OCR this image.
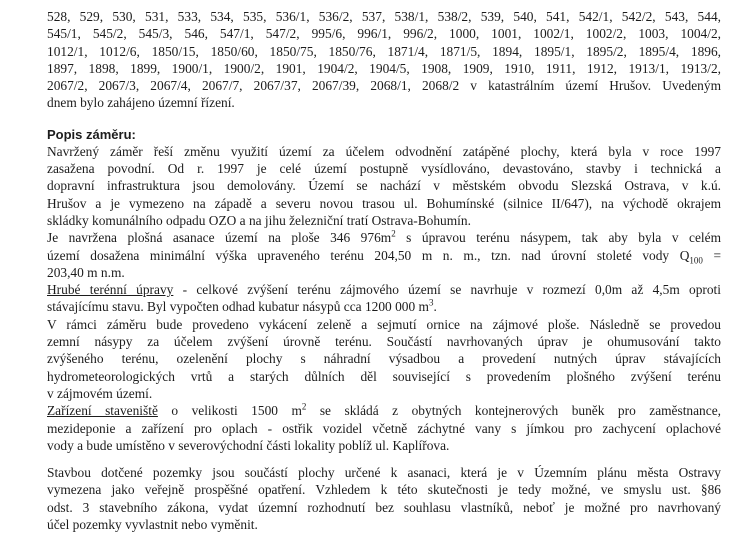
528, 529, 530, 531, 533, 534, 535, 536/1, 536/2, 537, 538/1, 538/2, 539, 540, 541, 542/1, 542/2, 543, 544,
545/1, 545/2, 545/3, 546, 547/1, 547/2, 995/6, 996/1, 996/2, 1000, 1001, 1002/1, 1002/2, 1003, 1004/2,
1012/1, 1012/6, 1850/15, 1850/60, 1850/75, 1850/76, 1871/4, 1871/5, 1894, 1895/1, 1895/2, 1895/4, 1896,
1897, 1898, 1899, 1900/1, 1900/2, 1901, 1904/2, 1904/5, 1908, 1909, 1910, 1911, 1912, 1913/1, 1913/2,
2067/2, 2067/3, 2067/4, 2067/7, 2067/37, 2067/39, 2068/1, 2068/2 v katastrálním území Hrušov. Uvedeným
dnem bylo zahájeno územní řízení.
Popis záměru:
Navržený záměr řeší změnu využití území za účelem odvodnění zatápěné plochy, která byla v roce 1997
zasažena povodní. Od r. 1997 je celé území postupně vysídlováno, devastováno, stavby i technická a
dopravní infrastruktura jsou demolovány. Území se nachází v městském obvodu Slezská Ostrava, v k.ú.
Hrušov a je vymezeno na západě a severu novou trasou ul. Bohumínské (silnice II/647), na východě okrajem
skládky komunálního odpadu OZO a na jihu železniční tratí Ostrava-Bohumín.
Je navržena plošná asanace území na ploše 346 $976m^2$ s úpravou terénu násypem, tak aby byla v celém
území dosažena minimální výška upraveného terénu 204,50 m n. m., tzn. nad úrovní stoleté vody $Q_{100}$ =
203,40 m n.m.
Hrubé terénní úpravy - celkové zvýšení terénu zájmového území se navrhuje v rozmezí 0,0m až 4,5m oproti
stávajícímu stavu. Byl vypočten odhad kubatur násypů cca 1200 000 $m^3$.
V rámci záměru bude provedeno vykácení zeleně a sejmutí ornice na zájmové ploše. Následně se provedou
zemní násypy za účelem zvýšení úrovně terénu. Součástí navrhovaných úprav je ohumusování takto
zvýšeného terénu, ozelenění plochy s náhradní výsadbou a provedení nutných úprav stávajících
hydrometeorologických vrtů a starých důlních děl související s provedením plošného zvýšení terénu
v zájmovém území.
Zařízení staveniště o velikosti 1500 $m^2$ se skládá z obytných kontejnerových buněk pro zaměstnance,
mezideponie a zařízení pro oplach - ostřik vozidel včetně záchytné vany s jímkou pro zachycení oplachové
vody a bude umístěno v severovýchodní části lokality poblíž ul. Kaplířova.
Stavbou dotčené pozemky jsou součástí plochy určené k asanaci, která je v Územním plánu města Ostravy
vymezena jako veřejně prospěšné opatření. Vzhledem k této skutečnosti je tedy možné, ve smyslu ust. §86
odst. 3 stavebního zákona, vydat územní rozhodnutí bez souhlasu vlastníků, neboť je možné pro navrhovaný
účel pozemky vyvlastnit nebo vyměnit.
